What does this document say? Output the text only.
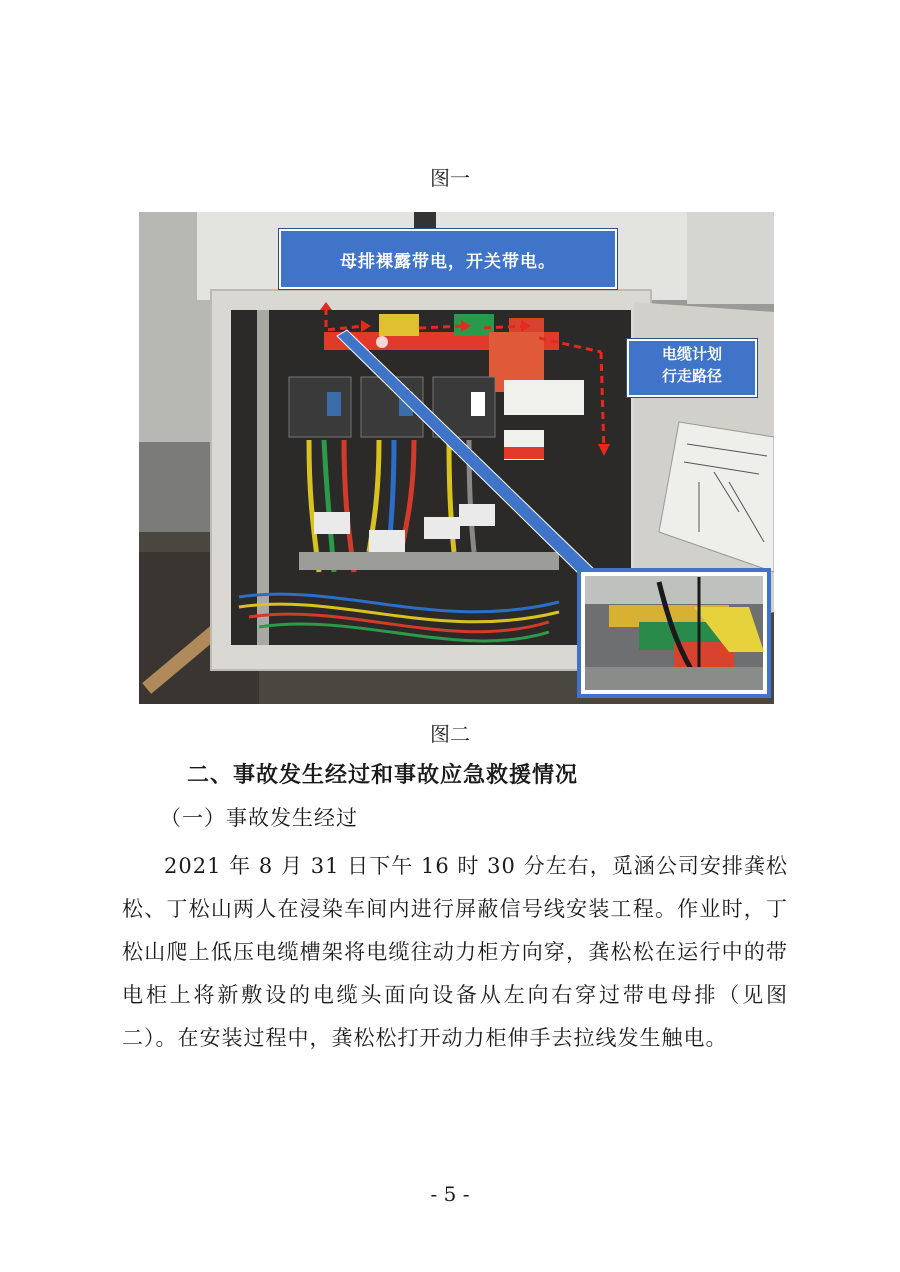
图一
母排裸露带电，开关带电。
电缆计划
行走路径
图二
二、事故发生经过和事故应急救援情况
（一）事故发生经过
2021 年 8 月 31 日下午 16 时 30 分左右，觅涵公司安排龚松松、丁松山两人在浸染车间内进行屏蔽信号线安装工程。作业时，丁松山爬上低压电缆槽架将电缆往动力柜方向穿，龚松松在运行中的带电柜上将新敷设的电缆头面向设备从左向右穿过带电母排（见图二）。在安装过程中，龚松松打开动力柜伸手去拉线发生触电。
- 5 -
